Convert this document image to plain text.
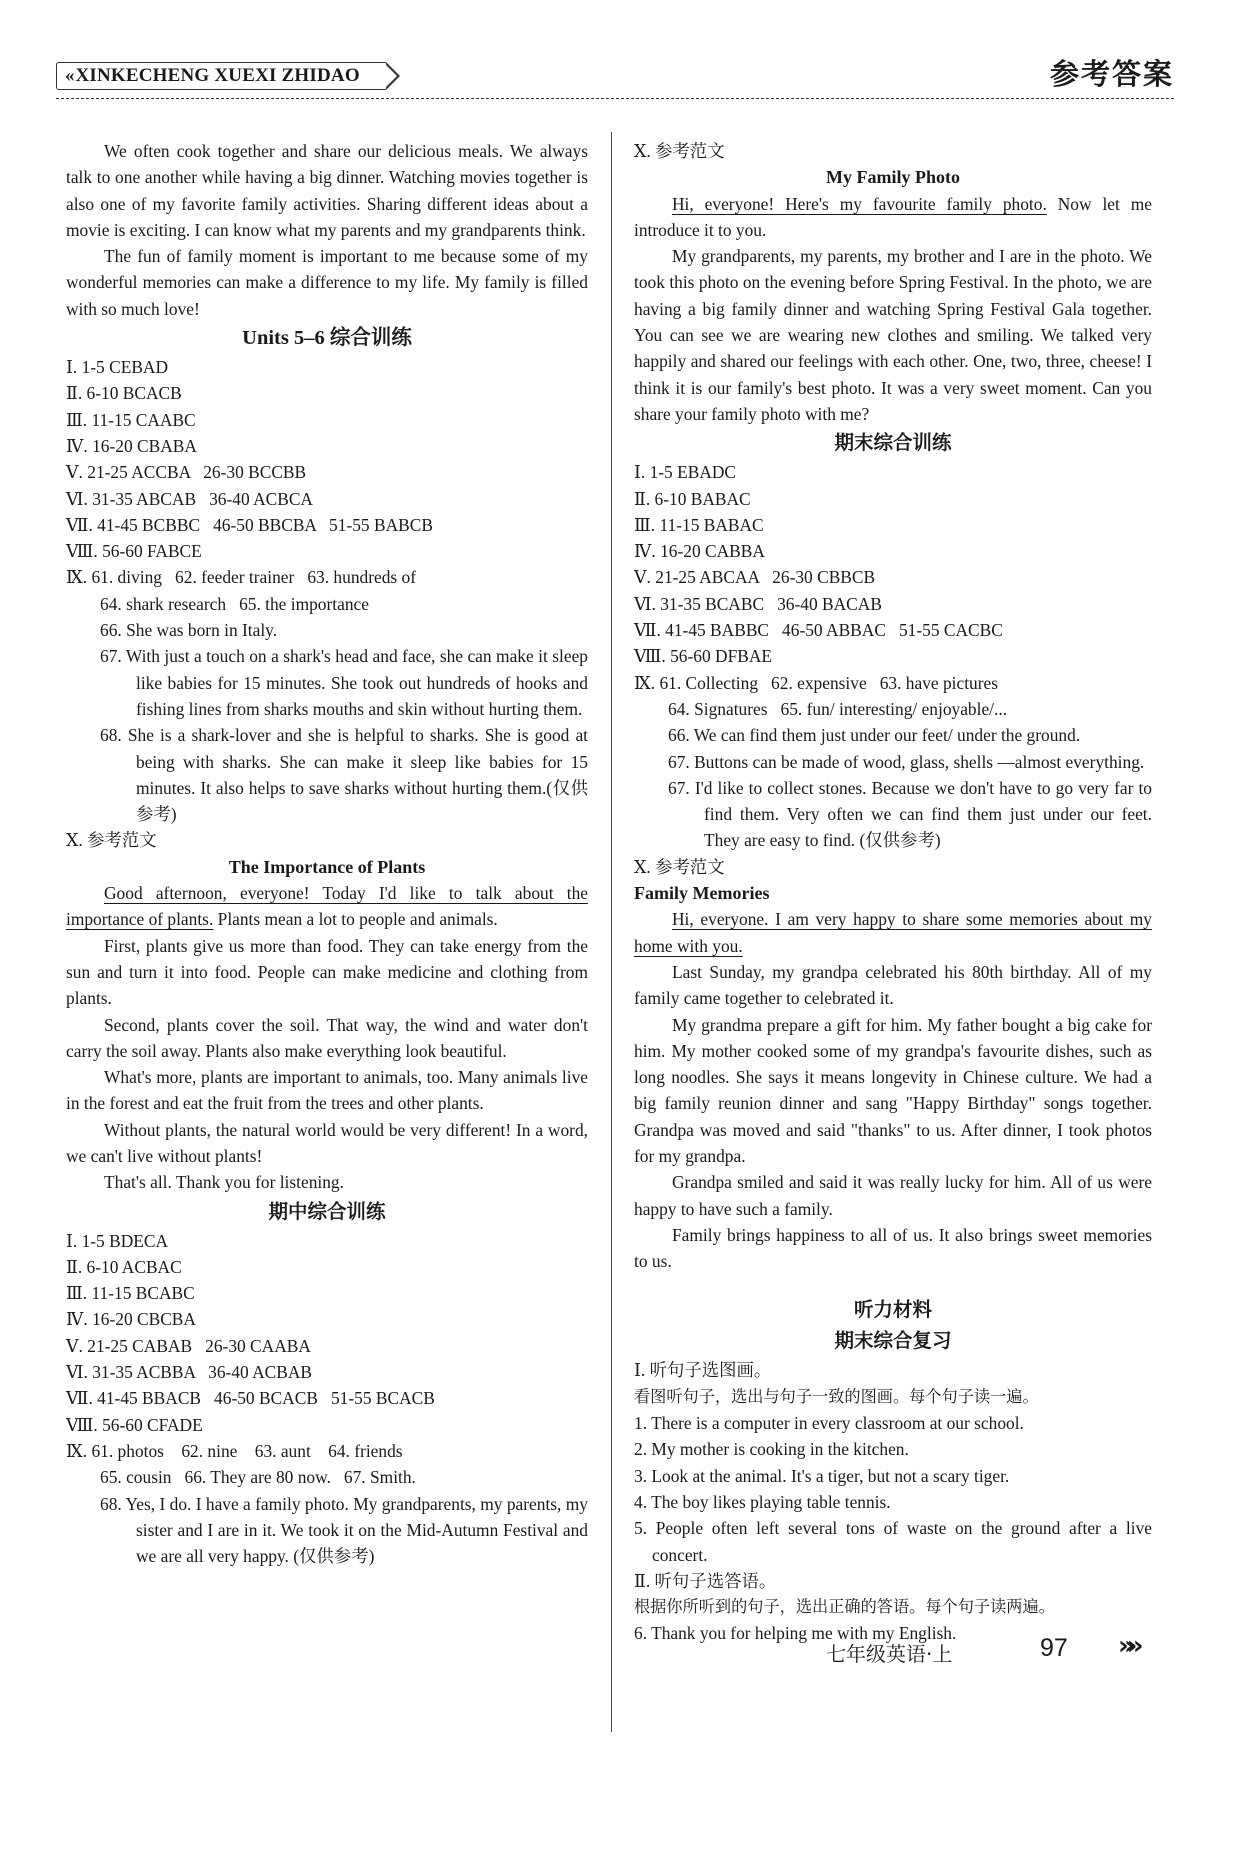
« XINKECHENG XUEXI ZHIDAO	参考答案

We often cook together and share our delicious meals. We always talk to one another while having a big dinner. Watching movies together is also one of my favorite family activities. Sharing different ideas about a movie is exciting. I can know what my parents and my grandparents think.

The fun of family moment is important to me because some of my wonderful memories can make a difference to my life. My family is filled with so much love!

Units 5–6 综合训练

Ⅰ. 1-5 CEBAD

Ⅱ. 6-10 BCACB

Ⅲ. 11-15 CAABC

Ⅳ. 16-20 CBABA

Ⅴ. 21-25 ACCBA   26-30 BCCBB

Ⅵ. 31-35 ABCAB   36-40 ACBCA

Ⅶ. 41-45 BCBBC   46-50 BBCBA   51-55 BABCB

Ⅷ. 56-60 FABCE

Ⅸ. 61. diving   62. feeder trainer   63. hundreds of

64. shark research   65. the importance

66. She was born in Italy.

67. With just a touch on a shark's head and face, she can make it sleep like babies for 15 minutes. She took out hundreds of hooks and fishing lines from sharks mouths and skin without hurting them.

68. She is a shark-lover and she is helpful to sharks. She is good at being with sharks. She can make it sleep like babies for 15 minutes. It also helps to save sharks without hurting them.(仅供参考)

Ⅹ. 参考范文

The Importance of Plants

Good afternoon, everyone! Today I'd like to talk about the importance of plants. Plants mean a lot to people and animals.

First, plants give us more than food. They can take energy from the sun and turn it into food. People can make medicine and clothing from plants.

Second, plants cover the soil. That way, the wind and water don't carry the soil away. Plants also make everything look beautiful.

What's more, plants are important to animals, too. Many animals live in the forest and eat the fruit from the trees and other plants.

Without plants, the natural world would be very different! In a word, we can't live without plants!

That's all. Thank you for listening.

期中综合训练

Ⅰ. 1-5 BDECA

Ⅱ. 6-10 ACBAC

Ⅲ. 11-15 BCABC

Ⅳ. 16-20 CBCBA

Ⅴ. 21-25 CABAB   26-30 CAABA

Ⅵ. 31-35 ACBBA   36-40 ACBAB

Ⅶ. 41-45 BBACB   46-50 BCACB   51-55 BCACB

Ⅷ. 56-60 CFADE

Ⅸ. 61. photos    62. nine    63. aunt    64. friends

65. cousin   66. They are 80 now.   67. Smith.

68. Yes, I do. I have a family photo. My grandparents, my parents, my sister and I are in it. We took it on the Mid-Autumn Festival and we are all very happy. (仅供参考)

Ⅹ. 参考范文

My Family Photo

Hi, everyone! Here's my favourite family photo. Now let me introduce it to you.

My grandparents, my parents, my brother and I are in the photo. We took this photo on the evening before Spring Festival. In the photo, we are having a big family dinner and watching Spring Festival Gala together. You can see we are wearing new clothes and smiling. We talked very happily and shared our feelings with each other. One, two, three, cheese! I think it is our family's best photo. It was a very sweet moment. Can you share your family photo with me?

期末综合训练

Ⅰ. 1-5 EBADC

Ⅱ. 6-10 BABAC

Ⅲ. 11-15 BABAC

Ⅳ. 16-20 CABBA

Ⅴ. 21-25 ABCAA   26-30 CBBCB

Ⅵ. 31-35 BCABC   36-40 BACAB

Ⅶ. 41-45 BABBC   46-50 ABBAC   51-55 CACBC

Ⅷ. 56-60 DFBAE

Ⅸ. 61. Collecting   62. expensive   63. have pictures

64. Signatures   65. fun/ interesting/ enjoyable/...

66. We can find them just under our feet/ under the ground.

67. Buttons can be made of wood, glass, shells —almost everything.

67. I'd like to collect stones. Because we don't have to go very far to find them. Very often we can find them just under our feet. They are easy to find. (仅供参考)

Ⅹ. 参考范文

Family Memories

Hi, everyone. I am very happy to share some memories about my home with you.

Last Sunday, my grandpa celebrated his 80th birthday. All of my family came together to celebrated it.

My grandma prepare a gift for him. My father bought a big cake for him. My mother cooked some of my grandpa's favourite dishes, such as long noodles. She says it means longevity in Chinese culture. We had a big family reunion dinner and sang "Happy Birthday" songs together. Grandpa was moved and said "thanks" to us. After dinner, I took photos for my grandpa.

Grandpa smiled and said it was really lucky for him. All of us were happy to have such a family.

Family brings happiness to all of us. It also brings sweet memories to us.

听力材料
期末综合复习

Ⅰ. 听句子选图画。

看图听句子，选出与句子一致的图画。每个句子读一遍。

1. There is a computer in every classroom at our school.

2. My mother is cooking in the kitchen.

3. Look at the animal. It's a tiger, but not a scary tiger.

4. The boy likes playing table tennis.

5. People often left several tons of waste on the ground after a live concert.

Ⅱ. 听句子选答语。

根据你所听到的句子，选出正确的答语。每个句子读两遍。

6. Thank you for helping me with my English.

七年级英语·上	97 »»
